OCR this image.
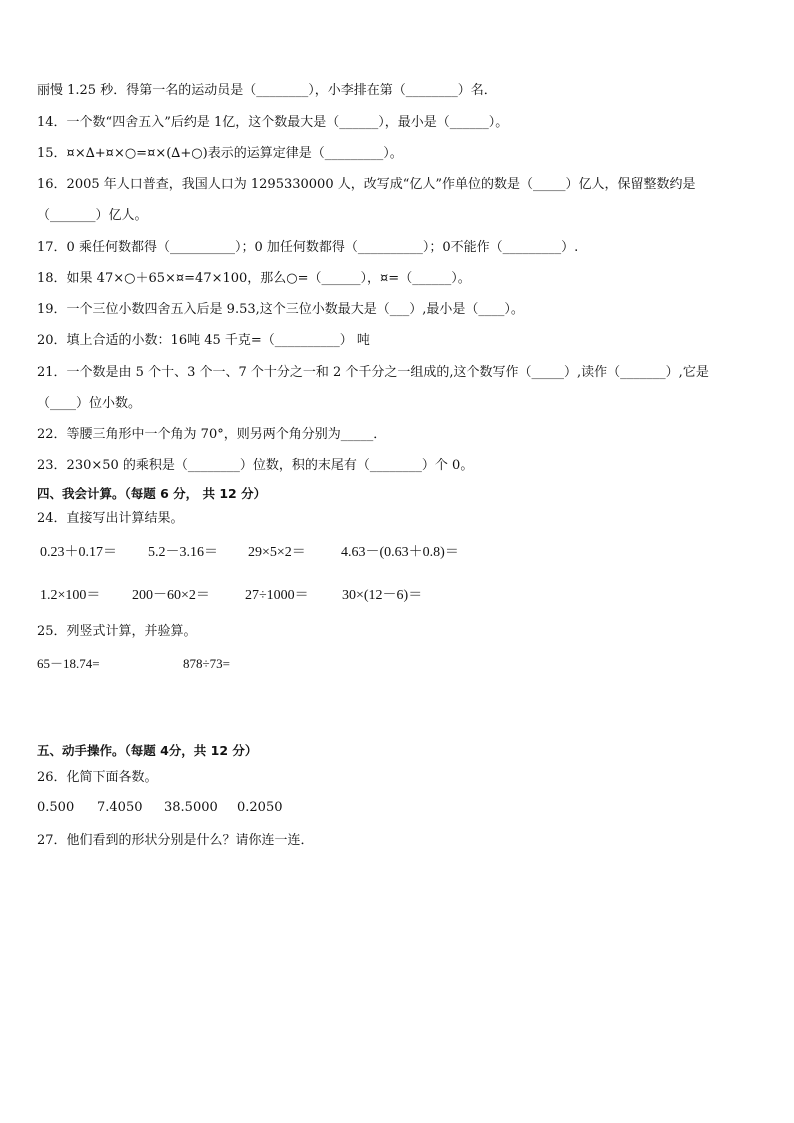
丽慢 1.25 秒．得第一名的运动员是（________），小李排在第（________）名．
14．一个数“四舍五入”后约是 1亿，这个数最大是（______），最小是（______）。
15．¤×∆+¤×○=¤×(∆+○)表示的运算定律是（_________）。
16．2005 年人口普查，我国人口为 1295330000 人，改写成“亿人”作单位的数是（_____）亿人，保留整数约是
（_______）亿人。
17．0 乘任何数都得（__________）；0 加任何数都得（__________）；0不能作（_________）.
18．如果 47×○＋65×¤=47×100，那么○=（______），¤=（______）。
19．一个三位小数四舍五入后是 9.53,这个三位小数最大是（___）,最小是（____）。
20．填上合适的小数：16吨 45 千克=（__________） 吨
21．一个数是由 5 个十、3 个一、7 个十分之一和 2 个千分之一组成的,这个数写作（_____）,读作（_______）,它是
（____）位小数。
22．等腰三角形中一个角为 70°，则另两个角分别为_____．
23．230×50 的乘积是（________）位数，积的末尾有（________）个 0。
四、我会计算。（每题 6 分， 共 12 分）
24．直接写出计算结果。
0.23＋0.17＝ 5.2－3.16＝ 29×5×2＝	4.63－(0.63＋0.8)＝
1.2×100＝ 200－60×2＝	27÷1000＝ 30×(12－6)＝
25．列竖式计算，并验算。
65－18.74=	878÷73=
五、动手操作。（每题 4分，共 12 分）
26．化简下面各数。
0.500 7.4050 38.5000 0.2050
27．他们看到的形状分别是什么？请你连一连．
